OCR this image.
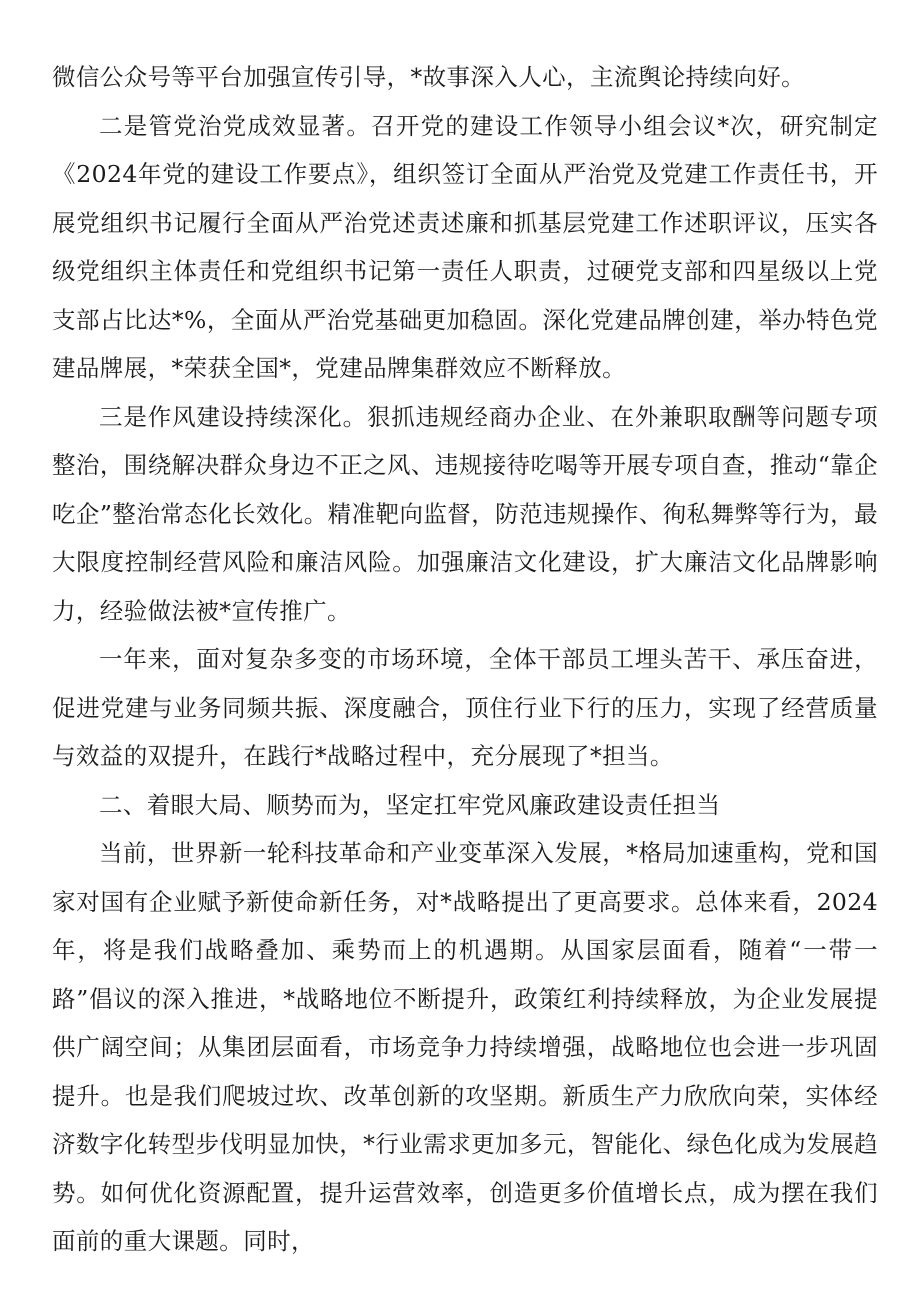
微信公众号等平台加强宣传引导，*故事深入人心，主流舆论持续向好。

二是管党治党成效显著。召开党的建设工作领导小组会议*次，研究制定《2024年党的建设工作要点》，组织签订全面从严治党及党建工作责任书，开展党组织书记履行全面从严治党述责述廉和抓基层党建工作述职评议，压实各级党组织主体责任和党组织书记第一责任人职责，过硬党支部和四星级以上党支部占比达*%，全面从严治党基础更加稳固。深化党建品牌创建，举办特色党建品牌展，*荣获全国*，党建品牌集群效应不断释放。

三是作风建设持续深化。狠抓违规经商办企业、在外兼职取酬等问题专项整治，围绕解决群众身边不正之风、违规接待吃喝等开展专项自查，推动“靠企吃企”整治常态化长效化。精准靶向监督，防范违规操作、徇私舞弊等行为，最大限度控制经营风险和廉洁风险。加强廉洁文化建设，扩大廉洁文化品牌影响力，经验做法被*宣传推广。

一年来，面对复杂多变的市场环境，全体干部员工埋头苦干、承压奋进，促进党建与业务同频共振、深度融合，顶住行业下行的压力，实现了经营质量与效益的双提升，在践行*战略过程中，充分展现了*担当。

二、着眼大局、顺势而为，坚定扛牢党风廉政建设责任担当

当前，世界新一轮科技革命和产业变革深入发展，*格局加速重构，党和国家对国有企业赋予新使命新任务，对*战略提出了更高要求。总体来看，2024年，将是我们战略叠加、乘势而上的机遇期。从国家层面看，随着“一带一路”倡议的深入推进，*战略地位不断提升，政策红利持续释放，为企业发展提供广阔空间；从集团层面看，市场竞争力持续增强，战略地位也会进一步巩固提升。也是我们爬坡过坎、改革创新的攻坚期。新质生产力欣欣向荣，实体经济数字化转型步伐明显加快，*行业需求更加多元，智能化、绿色化成为发展趋势。如何优化资源配置，提升运营效率，创造更多价值增长点，成为摆在我们面前的重大课题。同时，
